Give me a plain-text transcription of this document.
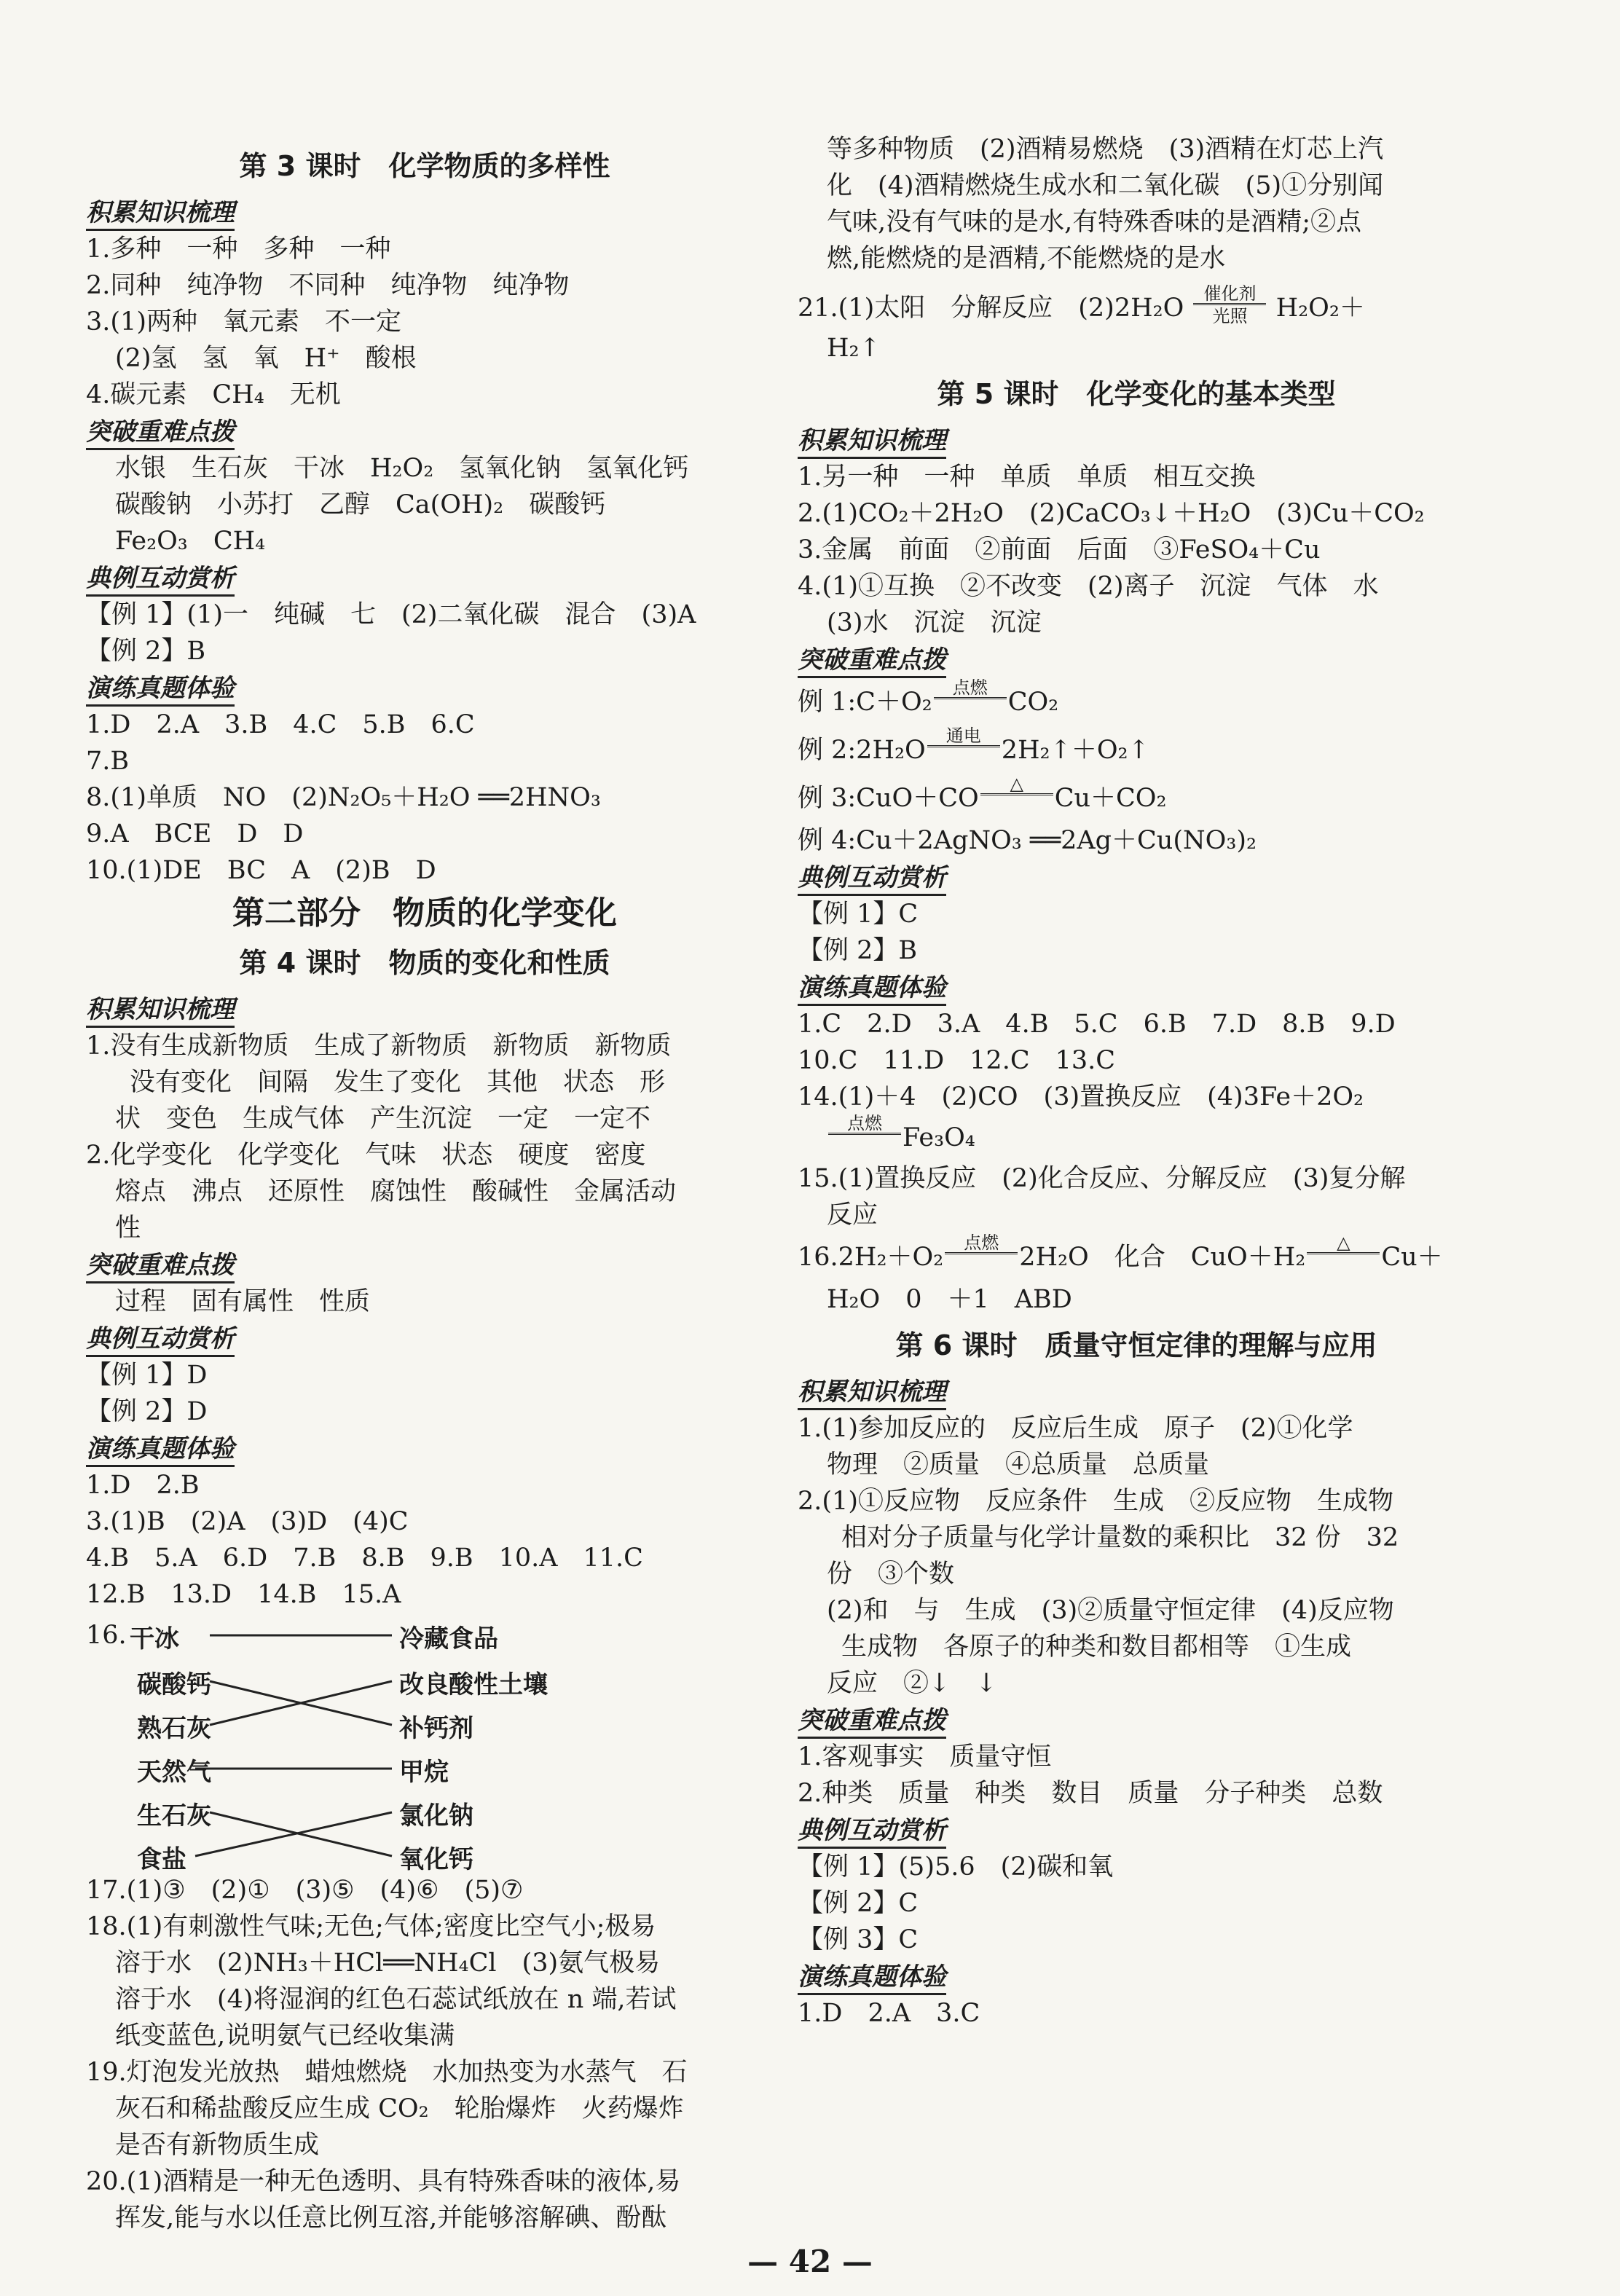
第 3 课时　化学物质的多样性
积累知识梳理
1.多种　一种　多种　一种
2.同种　纯净物　不同种　纯净物　纯净物
3.(1)两种　氧元素　不一定
(2)氢　氢　氧　H⁺　酸根
4.碳元素　CH₄　无机
突破重难点拨
水银　生石灰　干冰　H₂O₂　氢氧化钠　氢氧化钙
碳酸钠　小苏打　乙醇　Ca(OH)₂　碳酸钙
Fe₂O₃　CH₄
典例互动赏析
【例 1】(1)一　纯碱　七　(2)二氧化碳　混合　(3)A
【例 2】B
演练真题体验
1.D　2.A　3.B　4.C　5.B　6.C
7.B
8.(1)单质　NO　(2)N₂O₅＋H₂O ══2HNO₃
9.A　BCE　D　D
10.(1)DE　BC　A　(2)B　D
第二部分　物质的化学变化
第 4 课时　物质的变化和性质
积累知识梳理
1.没有生成新物质　生成了新物质　新物质　新物质
没有变化　间隔　发生了变化　其他　状态　形
状　变色　生成气体　产生沉淀　一定　一定不
2.化学变化　化学变化　气味　状态　硬度　密度
熔点　沸点　还原性　腐蚀性　酸碱性　金属活动
性
突破重难点拨
过程　固有属性　性质
典例互动赏析
【例 1】D
【例 2】D
演练真题体验
1.D　2.B
3.(1)B　(2)A　(3)D　(4)C
4.B　5.A　6.D　7.B　8.B　9.B　10.A　11.C
12.B　13.D　14.B　15.A
16. 干冰	冷藏食品
碳酸钙	改良酸性土壤
熟石灰	补钙剂
天然气	甲烷
生石灰	氯化钠
食盐	氧化钙
17.(1)③　(2)①　(3)⑤　(4)⑥　(5)⑦
18.(1)有刺激性气味;无色;气体;密度比空气小;极易
溶于水　(2)NH₃＋HCl══NH₄Cl　(3)氨气极易
溶于水　(4)将湿润的红色石蕊试纸放在 n 端,若试
纸变蓝色,说明氨气已经收集满
19.灯泡发光放热　蜡烛燃烧　水加热变为水蒸气　石
灰石和稀盐酸反应生成 CO₂　轮胎爆炸　火药爆炸
是否有新物质生成
20.(1)酒精是一种无色透明、具有特殊香味的液体,易
挥发,能与水以任意比例互溶,并能够溶解碘、酚酞
等多种物质　(2)酒精易燃烧　(3)酒精在灯芯上汽
化　(4)酒精燃烧生成水和二氧化碳　(5)①分别闻
气味,没有气味的是水,有特殊香味的是酒精;②点
燃,能燃烧的是酒精,不能燃烧的是水
21.(1)太阳　分解反应　(2)2H₂O	催化剂
光照	H₂O₂＋
H₂↑
第 5 课时　化学变化的基本类型
积累知识梳理
1.另一种　一种　单质　单质　相互交换
2.(1)CO₂＋2H₂O　(2)CaCO₃↓＋H₂O　(3)Cu＋CO₂
3.金属　前面　②前面　后面　③FeSO₄＋Cu
4.(1)①互换　②不改变　(2)离子　沉淀　气体　水
(3)水　沉淀　沉淀
突破重难点拨
例 1:C＋O₂	点燃
CO₂
例 2:2H₂O	通电
2H₂↑＋O₂↑
例 3:CuO＋CO	△
	Cu＋CO₂
例 4:Cu＋2AgNO₃ ══2Ag＋Cu(NO₃)₂
典例互动赏析
【例 1】C
【例 2】B
演练真题体验
1.C　2.D　3.A　4.B　5.C　6.B　7.D　8.B　9.D
10.C　11.D　12.C　13.C
14.(1)＋4　(2)CO　(3)置换反应　(4)3Fe＋2O₂
点燃
Fe₃O₄
15.(1)置换反应　(2)化合反应、分解反应　(3)复分解
反应
16.2H₂＋O₂	点燃
2H₂O　化合　CuO＋H₂	△
	Cu＋
H₂O　0　＋1　ABD
第 6 课时　质量守恒定律的理解与应用
积累知识梳理
1.(1)参加反应的　反应后生成　原子　(2)①化学
物理　②质量　④总质量　总质量
2.(1)①反应物　反应条件　生成　②反应物　生成物
相对分子质量与化学计量数的乘积比　32 份　32
份　③个数
(2)和　与　生成　(3)②质量守恒定律　(4)反应物
生成物　各原子的种类和数目都相等　①生成
反应　②↓　↓
突破重难点拨
1.客观事实　质量守恒
2.种类　质量　种类　数目　质量　分子种类　总数
典例互动赏析
【例 1】(5)5.6　(2)碳和氧
【例 2】C
【例 3】C
演练真题体验
1.D　2.A　3.C
— 42 —
